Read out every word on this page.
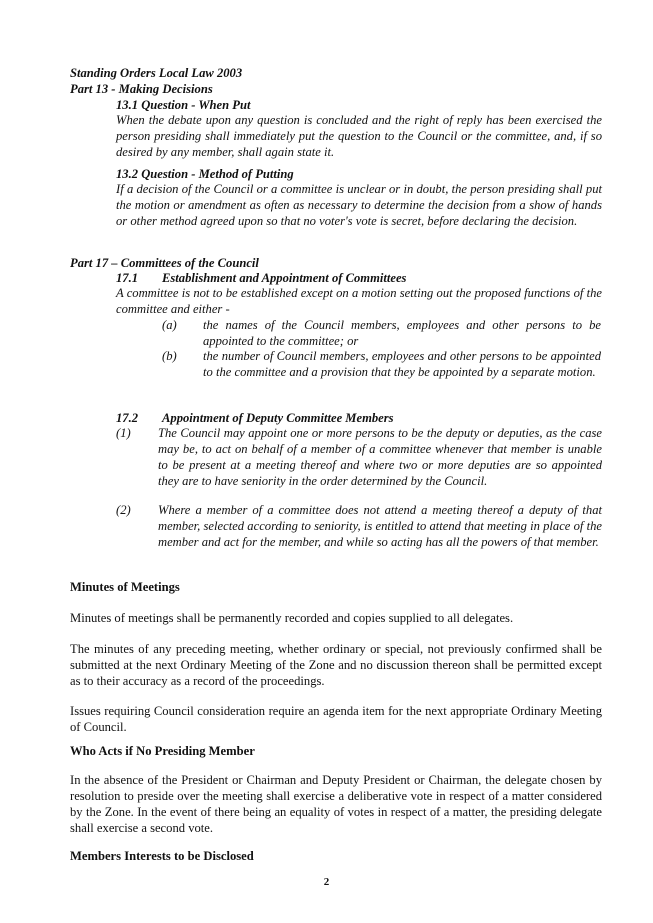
Standing Orders Local Law 2003
Part 13 - Making Decisions
13.1 Question - When Put
When the debate upon any question is concluded and the right of reply has been exercised the person presiding shall immediately put the question to the Council or the committee, and, if so desired by any member, shall again state it.
13.2 Question - Method of Putting
If a decision of the Council or a committee is unclear or in doubt, the person presiding shall put the motion or amendment as often as necessary to determine the decision from a show of hands or other method agreed upon so that no voter's vote is secret, before declaring the decision.
Part 17 – Committees of the Council
17.1 Establishment and Appointment of Committees
A committee is not to be established except on a motion setting out the proposed functions of the committee and either -
(a) the names of the Council members, employees and other persons to be appointed to the committee; or
(b) the number of Council members, employees and other persons to be appointed to the committee and a provision that they be appointed by a separate motion.
17.2 Appointment of Deputy Committee Members
(1) The Council may appoint one or more persons to be the deputy or deputies, as the case may be, to act on behalf of a member of a committee whenever that member is unable to be present at a meeting thereof and where two or more deputies are so appointed they are to have seniority in the order determined by the Council.
(2) Where a member of a committee does not attend a meeting thereof a deputy of that member, selected according to seniority, is entitled to attend that meeting in place of the member and act for the member, and while so acting has all the powers of that member.
Minutes of Meetings
Minutes of meetings shall be permanently recorded and copies supplied to all delegates.
The minutes of any preceding meeting, whether ordinary or special, not previously confirmed shall be submitted at the next Ordinary Meeting of the Zone and no discussion thereon shall be permitted except as to their accuracy as a record of the proceedings.
Issues requiring Council consideration require an agenda item for the next appropriate Ordinary Meeting of Council.
Who Acts if No Presiding Member
In the absence of the President or Chairman and Deputy President or Chairman, the delegate chosen by resolution to preside over the meeting shall exercise a deliberative vote in respect of a matter considered by the Zone. In the event of there being an equality of votes in respect of a matter, the presiding delegate shall exercise a second vote.
Members Interests to be Disclosed
2
